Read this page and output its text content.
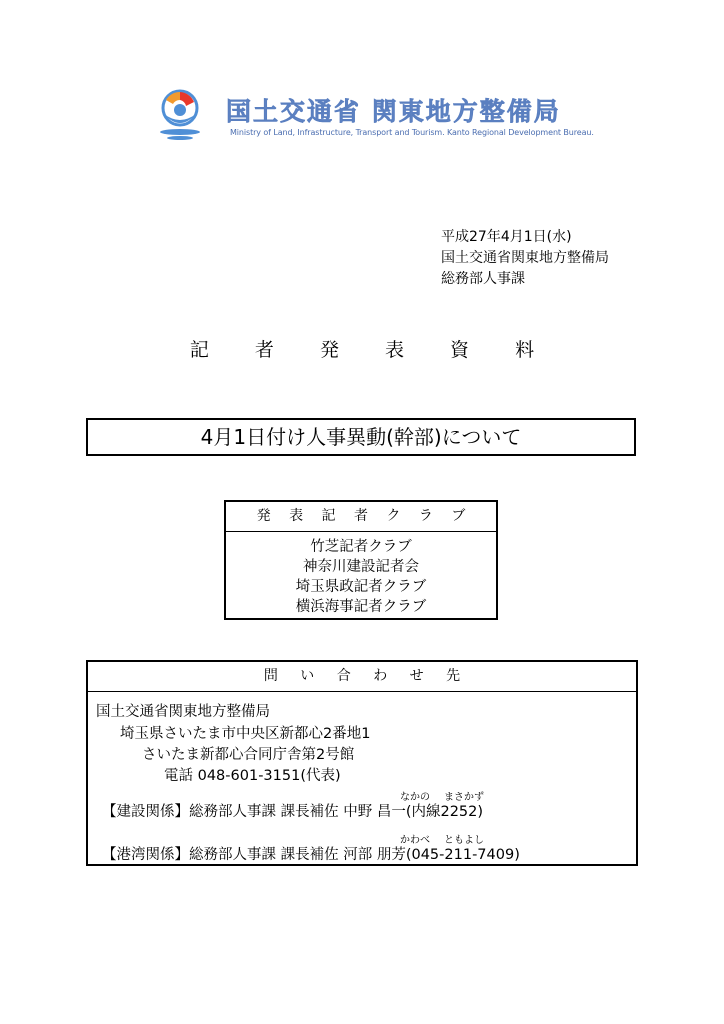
国土交通省 関東地方整備局
Ministry of Land, Infrastructure, Transport and Tourism. Kanto Regional Development Bureau.
平成27年4月1日(水)
国土交通省関東地方整備局
総務部人事課
記 者 発 表 資 料
4月1日付け人事異動(幹部)について
発 表 記 者 ク ラ ブ
竹芝記者クラブ
神奈川建設記者会
埼玉県政記者クラブ
横浜海事記者クラブ
問 い 合 わ せ 先
国土交通省関東地方整備局
埼玉県さいたま市中央区新都心2番地1
さいたま新都心合同庁舎第2号館
電話 048-601-3151(代表)
なかの まさかず
【建設関係】総務部人事課 課長補佐 中野 昌一(内線2252)
かわべ ともよし
【港湾関係】総務部人事課 課長補佐 河部 朋芳(045-211-7409)
